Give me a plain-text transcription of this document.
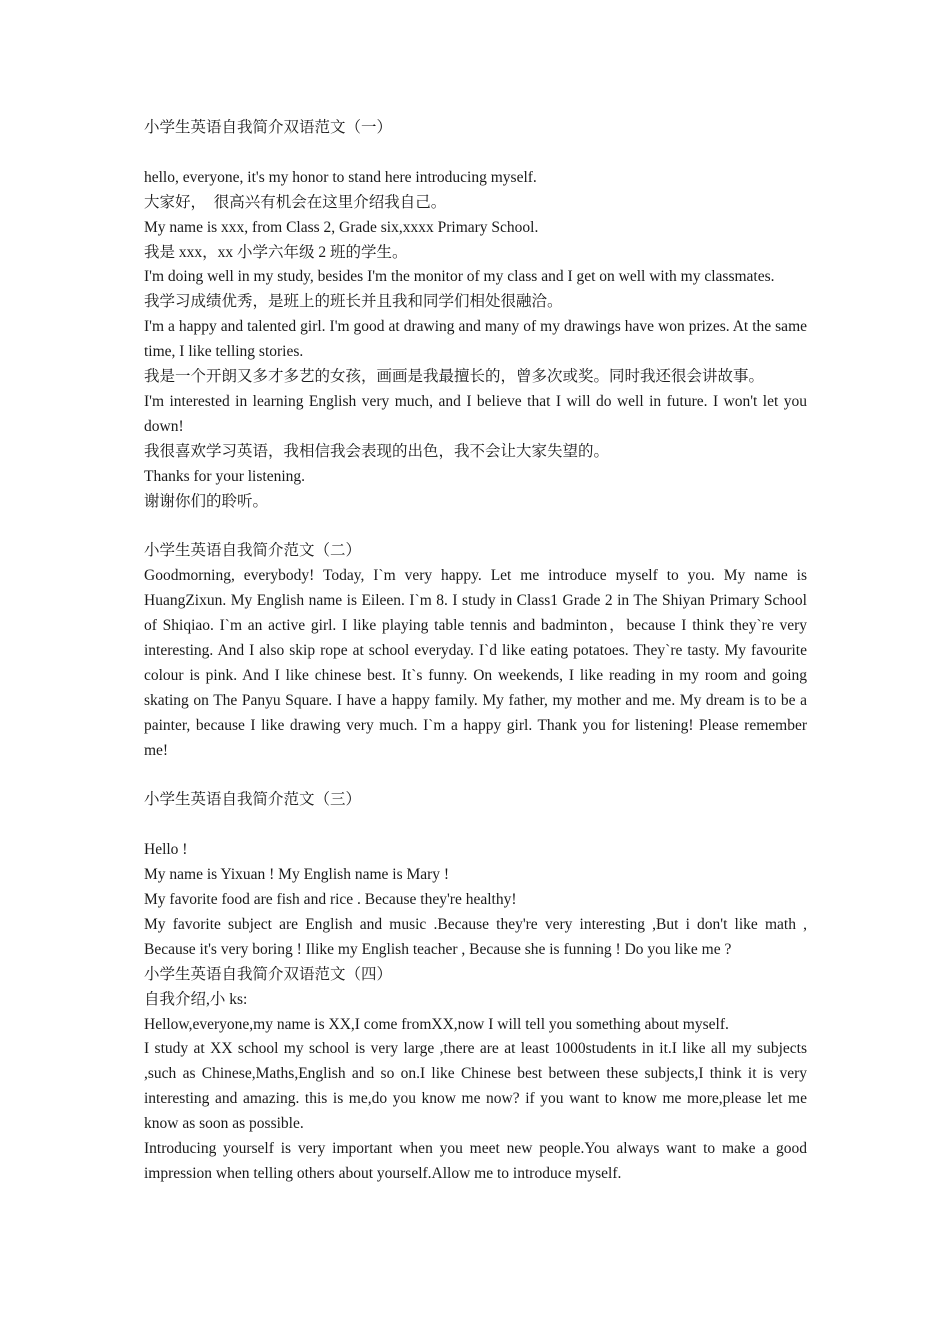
小学生英语自我简介双语范文（一）
hello, everyone, it's my honor to stand here introducing myself.
大家好，　很高兴有机会在这里介绍我自己。
My name is xxx, from Class 2, Grade six,xxxx Primary School.
我是 xxx，xx 小学六年级 2 班的学生。
I'm doing well in my study, besides I'm the monitor of my class and I get on well with my classmates.
我学习成绩优秀，是班上的班长并且我和同学们相处很融洽。
I'm a happy and talented girl. I'm good at drawing and many of my drawings have won prizes. At the same time, I like telling stories.
我是一个开朗又多才多艺的女孩，画画是我最擅长的，曾多次或奖。同时我还很会讲故事。
I'm interested in learning English very much, and I believe that I will do well in future. I won't let you down!
我很喜欢学习英语，我相信我会表现的出色，我不会让大家失望的。
Thanks for your listening.
谢谢你们的聆听。
小学生英语自我简介范文（二）
Goodmorning, everybody! Today, I`m very happy. Let me introduce myself to you. My name is HuangZixun. My English name is Eileen. I`m 8. I study in Class1 Grade 2 in The Shiyan Primary School of Shiqiao. I`m an active girl. I like playing table tennis and badminton，because I think they`re very interesting. And I also skip rope at school everyday. I`d like eating potatoes. They`re tasty. My favourite colour is pink. And I like chinese best. It`s funny. On weekends, I like reading in my room and going skating on The Panyu Square. I have a happy family. My father, my mother and me. My dream is to be a painter, because I like drawing very much. I`m a happy girl. Thank you for listening! Please remember me!
小学生英语自我简介范文（三）
Hello !
My name is Yixuan ! My English name is Mary !
My favorite food are fish and rice . Because they're healthy!
My favorite subject are English and music .Because they're very interesting ,But i don't like math , Because it's very boring ! Ilike my English teacher , Because she is funning ! Do you like me ?
小学生英语自我简介双语范文（四）
自我介绍,小 ks:
Hellow,everyone,my name is XX,I come fromXX,now I will tell you something about myself.
I study at XX school my school is very large ,there are at least 1000students in it.I like all my subjects ,such as Chinese,Maths,English and so on.I like Chinese best between these subjects,I think it is very interesting and amazing. this is me,do you know me now? if you want to know me more,please let me know as soon as possible.
Introducing yourself is very important when you meet new people.You always want to make a good impression when telling others about yourself.Allow me to introduce myself.
